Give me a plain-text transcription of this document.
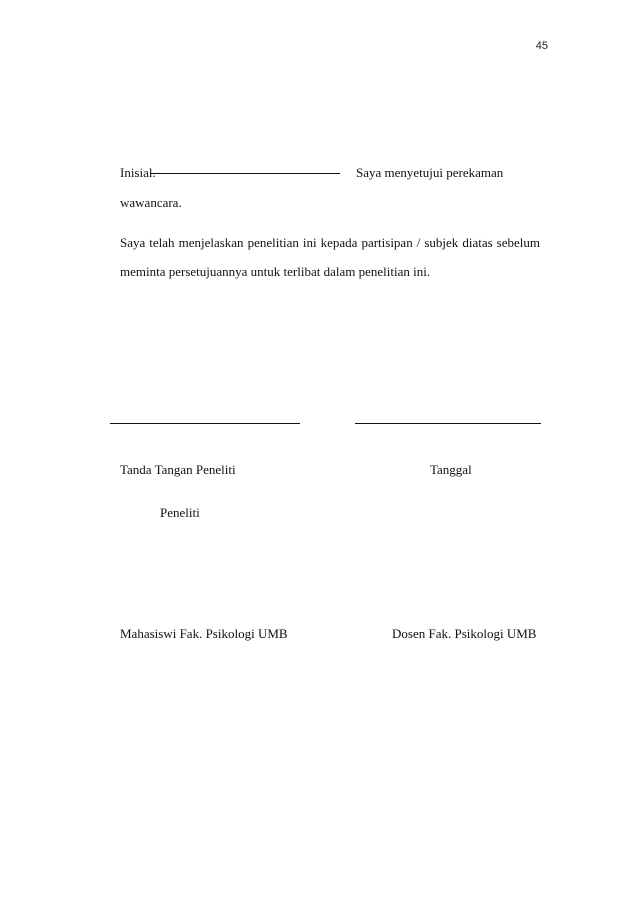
45
Inisial.	Saya menyetujui perekaman
wawancara.
Saya telah menjelaskan penelitian ini kepada partisipan / subjek diatas sebelum
meminta persetujuannya untuk terlibat dalam penelitian ini.
Tanda Tangan Peneliti	Tanggal
Peneliti
Mahasiswi Fak. Psikologi UMB	Dosen Fak. Psikologi UMB
